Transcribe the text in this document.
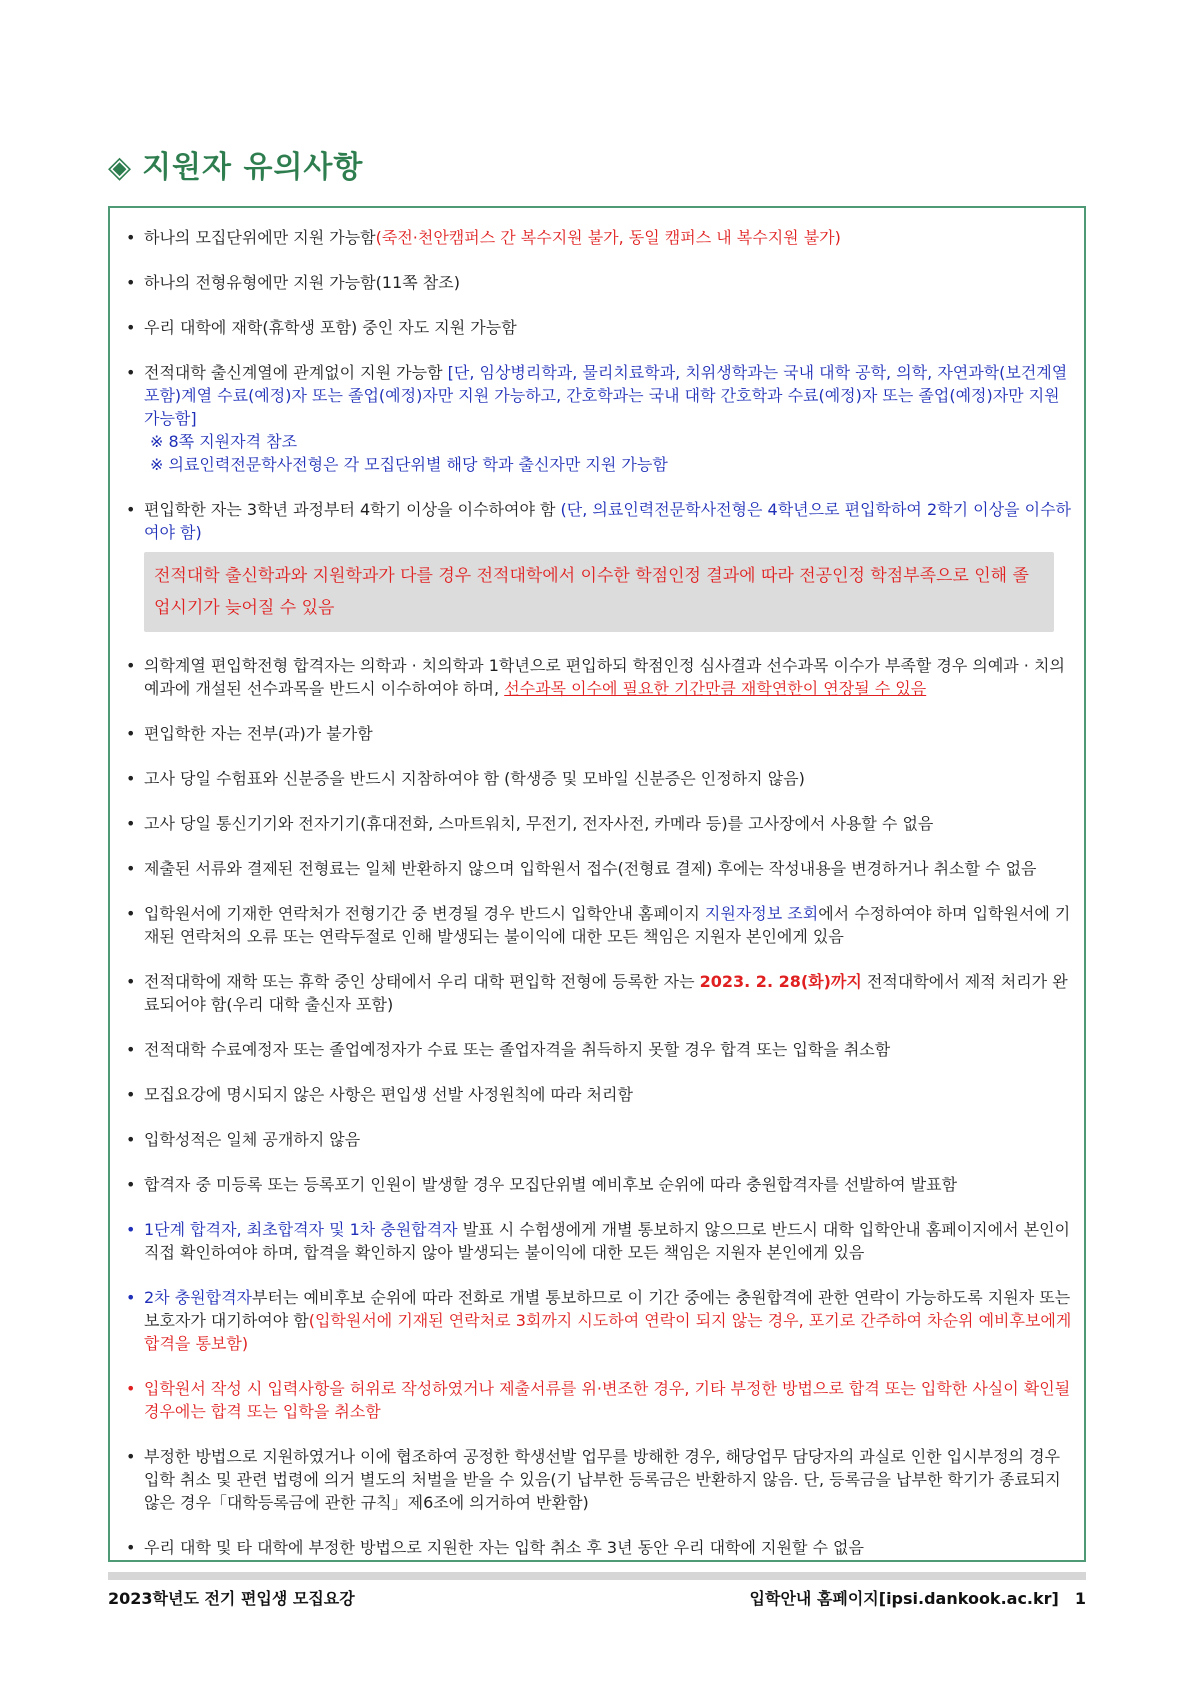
◈ 지원자 유의사항
• 하나의 모집단위에만 지원 가능함(죽전·천안캠퍼스 간 복수지원 불가, 동일 캠퍼스 내 복수지원 불가)
• 하나의 전형유형에만 지원 가능함(11쪽 참조)
• 우리 대학에 재학(휴학생 포함) 중인 자도 지원 가능함
• 전적대학 출신계열에 관계없이 지원 가능함 [단, 임상병리학과, 물리치료학과, 치위생학과는 국내 대학 공학, 의학, 자연과학(보건계열 포함)계열 수료(예정)자 또는 졸업(예정)자만 지원 가능하고, 간호학과는 국내 대학 간호학과 수료(예정)자 또는 졸업(예정)자만 지원 가능함]
※ 8쪽 지원자격 참조
※ 의료인력전문학사전형은 각 모집단위별 해당 학과 출신자만 지원 가능함
• 편입학한 자는 3학년 과정부터 4학기 이상을 이수하여야 함 (단, 의료인력전문학사전형은 4학년으로 편입학하여 2학기 이상을 이수하여야 함)
전적대학 출신학과와 지원학과가 다를 경우 전적대학에서 이수한 학점인정 결과에 따라 전공인정 학점부족으로 인해 졸업시기가 늦어질 수 있음
• 의학계열 편입학전형 합격자는 의학과 · 치의학과 1학년으로 편입하되 학점인정 심사결과 선수과목 이수가 부족할 경우 의예과 · 치의예과에 개설된 선수과목을 반드시 이수하여야 하며, 선수과목 이수에 필요한 기간만큼 재학연한이 연장될 수 있음
• 편입학한 자는 전부(과)가 불가함
• 고사 당일 수험표와 신분증을 반드시 지참하여야 함 (학생증 및 모바일 신분증은 인정하지 않음)
• 고사 당일 통신기기와 전자기기(휴대전화, 스마트워치, 무전기, 전자사전, 카메라 등)를 고사장에서 사용할 수 없음
• 제출된 서류와 결제된 전형료는 일체 반환하지 않으며 입학원서 접수(전형료 결제) 후에는 작성내용을 변경하거나 취소할 수 없음
• 입학원서에 기재한 연락처가 전형기간 중 변경될 경우 반드시 입학안내 홈페이지 지원자정보 조회에서 수정하여야 하며 입학원서에 기재된 연락처의 오류 또는 연락두절로 인해 발생되는 불이익에 대한 모든 책임은 지원자 본인에게 있음
• 전적대학에 재학 또는 휴학 중인 상태에서 우리 대학 편입학 전형에 등록한 자는 2023. 2. 28(화)까지 전적대학에서 제적 처리가 완료되어야 함(우리 대학 출신자 포함)
• 전적대학 수료예정자 또는 졸업예정자가 수료 또는 졸업자격을 취득하지 못할 경우 합격 또는 입학을 취소함
• 모집요강에 명시되지 않은 사항은 편입생 선발 사정원칙에 따라 처리함
• 입학성적은 일체 공개하지 않음
• 합격자 중 미등록 또는 등록포기 인원이 발생할 경우 모집단위별 예비후보 순위에 따라 충원합격자를 선발하여 발표함
• 1단계 합격자, 최초합격자 및 1차 충원합격자 발표 시 수험생에게 개별 통보하지 않으므로 반드시 대학 입학안내 홈페이지에서 본인이 직접 확인하여야 하며, 합격을 확인하지 않아 발생되는 불이익에 대한 모든 책임은 지원자 본인에게 있음
• 2차 충원합격자부터는 예비후보 순위에 따라 전화로 개별 통보하므로 이 기간 중에는 충원합격에 관한 연락이 가능하도록 지원자 또는 보호자가 대기하여야 함(입학원서에 기재된 연락처로 3회까지 시도하여 연락이 되지 않는 경우, 포기로 간주하여 차순위 예비후보에게 합격을 통보함)
• 입학원서 작성 시 입력사항을 허위로 작성하였거나 제출서류를 위·변조한 경우, 기타 부정한 방법으로 합격 또는 입학한 사실이 확인될 경우에는 합격 또는 입학을 취소함
• 부정한 방법으로 지원하였거나 이에 협조하여 공정한 학생선발 업무를 방해한 경우, 해당업무 담당자의 과실로 인한 입시부정의 경우 입학 취소 및 관련 법령에 의거 별도의 처벌을 받을 수 있음(기 납부한 등록금은 반환하지 않음. 단, 등록금을 납부한 학기가 종료되지 않은 경우「대학등록금에 관한 규칙」제6조에 의거하여 반환함)
• 우리 대학 및 타 대학에 부정한 방법으로 지원한 자는 입학 취소 후 3년 동안 우리 대학에 지원할 수 없음
2023학년도 전기 편입생 모집요강	입학안내 홈페이지[ipsi.dankook.ac.kr] 1
